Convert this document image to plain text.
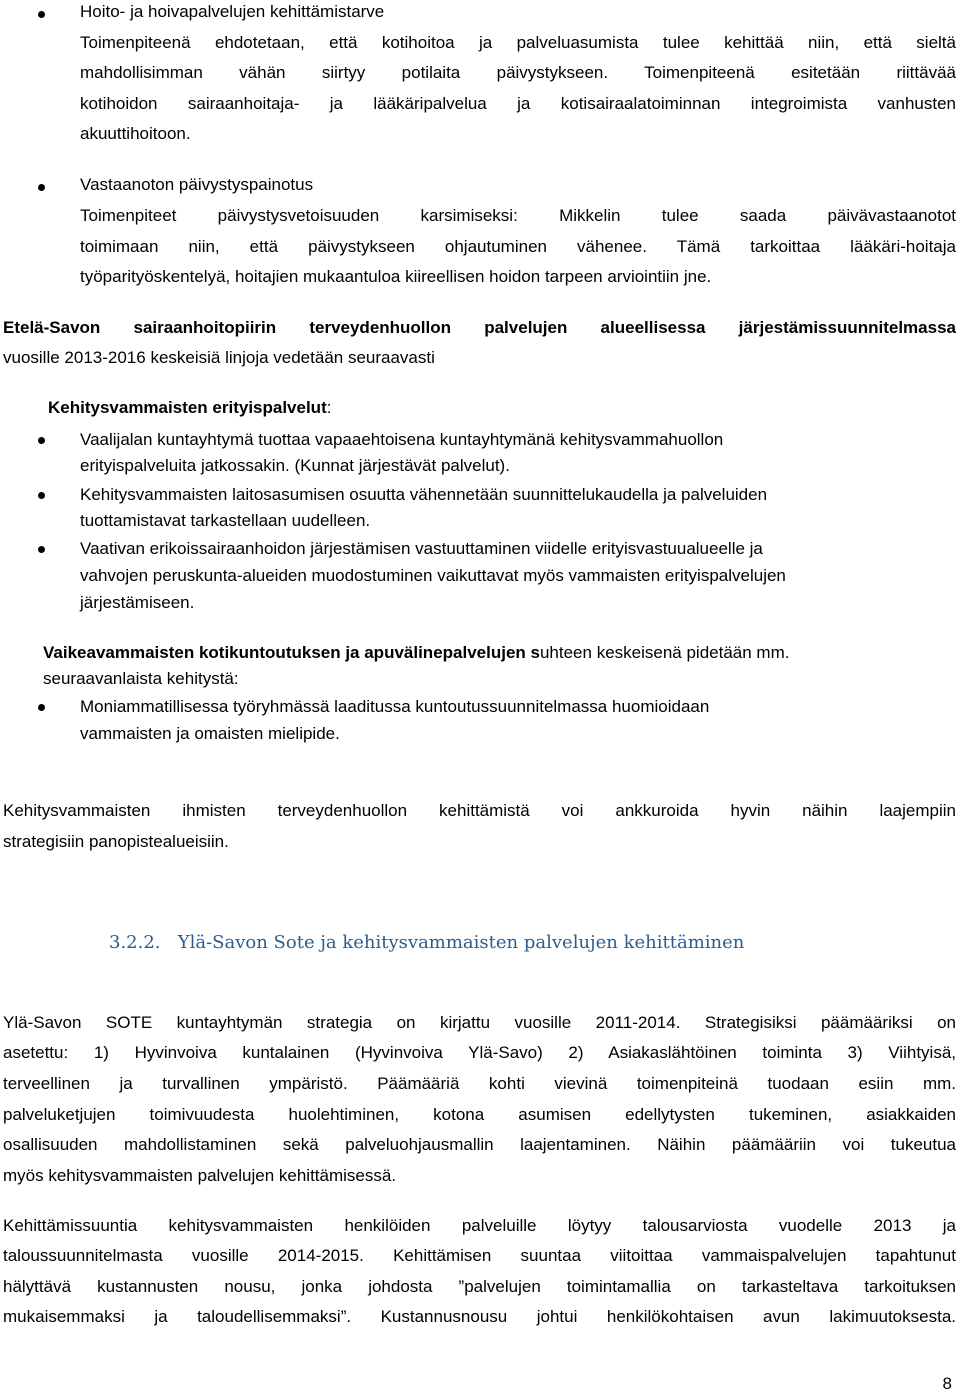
Hoito- ja hoivapalvelujen kehittämistarve
Toimenpiteenä ehdotetaan, että kotihoitoa ja palveluasumista tulee kehittää niin, että sieltä
mahdollisimman vähän siirtyy potilaita päivystykseen. Toimenpiteenä esitetään riittävää
kotihoidon sairaanhoitaja- ja lääkäripalvelua ja kotisairaalatoiminnan integroimista vanhusten
akuuttihoitoon.
Vastaanoton päivystyspainotus
Toimenpiteet päivystysvetoisuuden karsimiseksi: Mikkelin tulee saada päivävastaanotot
toimimaan niin, että päivystykseen ohjautuminen vähenee. Tämä tarkoittaa lääkäri-hoitaja
työparityöskentelyä, hoitajien mukaantuloa kiireellisen hoidon tarpeen arviointiin jne.
Etelä-Savon sairaanhoitopiirin terveydenhuollon palvelujen alueellisessa järjestämissuunnitelmassa
vuosille 2013-2016 keskeisiä linjoja vedetään seuraavasti
Kehitysvammaisten erityispalvelut:
Vaalijalan kuntayhtymä tuottaa vapaaehtoisena kuntayhtymänä kehitysvammahuollon
erityispalveluita jatkossakin. (Kunnat järjestävät palvelut).
Kehitysvammaisten laitosasumisen osuutta vähennetään suunnittelukaudella ja palveluiden
tuottamistavat tarkastellaan uudelleen.
Vaativan erikoissairaanhoidon järjestämisen vastuuttaminen viidelle erityisvastuualueelle ja
vahvojen peruskunta-alueiden muodostuminen vaikuttavat myös vammaisten erityispalvelujen
järjestämiseen.
Vaikeavammaisten kotikuntoutuksen ja apuvälinepalvelujen suhteen keskeisenä pidetään mm.
seuraavanlaista kehitystä:
Moniammatillisessa työryhmässä laaditussa kuntoutussuunnitelmassa huomioidaan
vammaisten ja omaisten mielipide.
Kehitysvammaisten ihmisten terveydenhuollon kehittämistä voi ankkuroida hyvin näihin laajempiin
strategisiin panopistealueisiin.
3.2.2. Ylä-Savon Sote ja kehitysvammaisten palvelujen kehittäminen
Ylä-Savon SOTE kuntayhtymän strategia on kirjattu vuosille 2011-2014. Strategisiksi päämääriksi on
asetettu: 1) Hyvinvoiva kuntalainen (Hyvinvoiva Ylä-Savo) 2) Asiakaslähtöinen toiminta 3) Viihtyisä,
terveellinen ja turvallinen ympäristö. Päämääriä kohti vievinä toimenpiteinä tuodaan esiin mm.
palveluketjujen toimivuudesta huolehtiminen, kotona asumisen edellytysten tukeminen, asiakkaiden
osallisuuden mahdollistaminen sekä palveluohjausmallin laajentaminen. Näihin päämääriin voi tukeutua
myös kehitysvammaisten palvelujen kehittämisessä.
Kehittämissuuntia kehitysvammaisten henkilöiden palveluille löytyy talousarviosta vuodelle 2013 ja
taloussuunnitelmasta vuosille 2014-2015. Kehittämisen suuntaa viitoittaa vammaispalvelujen tapahtunut
hälyttävä kustannusten nousu, jonka johdosta ”palvelujen toimintamallia on tarkasteltava tarkoituksen
mukaisemmaksi ja taloudellisemmaksi”. Kustannusnousu johtui henkilökohtaisen avun lakimuutoksesta.
8
